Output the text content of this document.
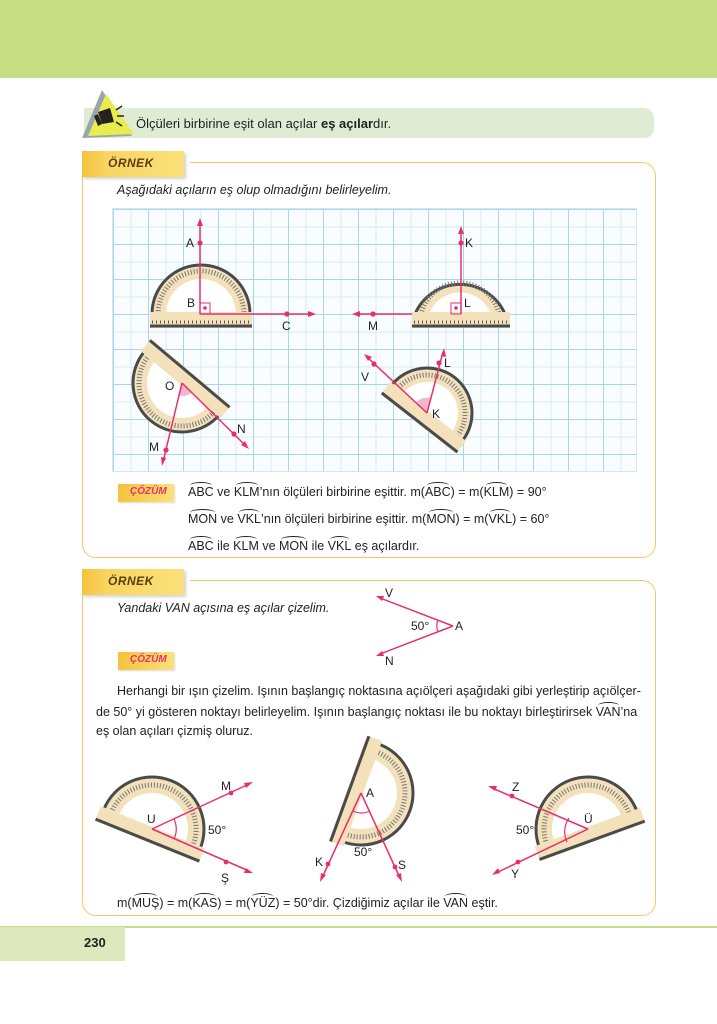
Ölçüleri birbirine eşit olan açılar eş açılardır.
ÖRNEK
Aşağıdaki açıların eş olup olmadığını belirleyelim.
A
B
C
K
L
M
O
M
N
V
K
L
ÇÖZÜM ABC ve KLM’nın ölçüleri birbirine eşittir. m(ABC) = m(KLM) = 90°
MON ve VKL’nın ölçüleri birbirine eşittir. m(MON) = m(VKL) = 60°
ABC ile KLM ve MON ile VKL eş açılardır.
ÖRNEK
Yandaki VAN açısına eş açılar çizelim.
V
A
N
50°
ÇÖZÜM
Herhangi bir ışın çizelim. Işının başlangıç noktasına açıölçeri aşağıdaki gibi yerleştirip açıölçer-
de 50° yi gösteren noktayı belirleyelim. Işının başlangıç noktası ile bu noktayı birleştirirsek VAN’na
eş olan açıları çizmiş oluruz.
U
M
Ş
50°
A
K	S
50°
Ü
Z
Y
50°
m(MUŞ) = m(KAS) = m(YÜZ) = 50°dir. Çizdiğimiz açılar ile VAN eştir.
230
